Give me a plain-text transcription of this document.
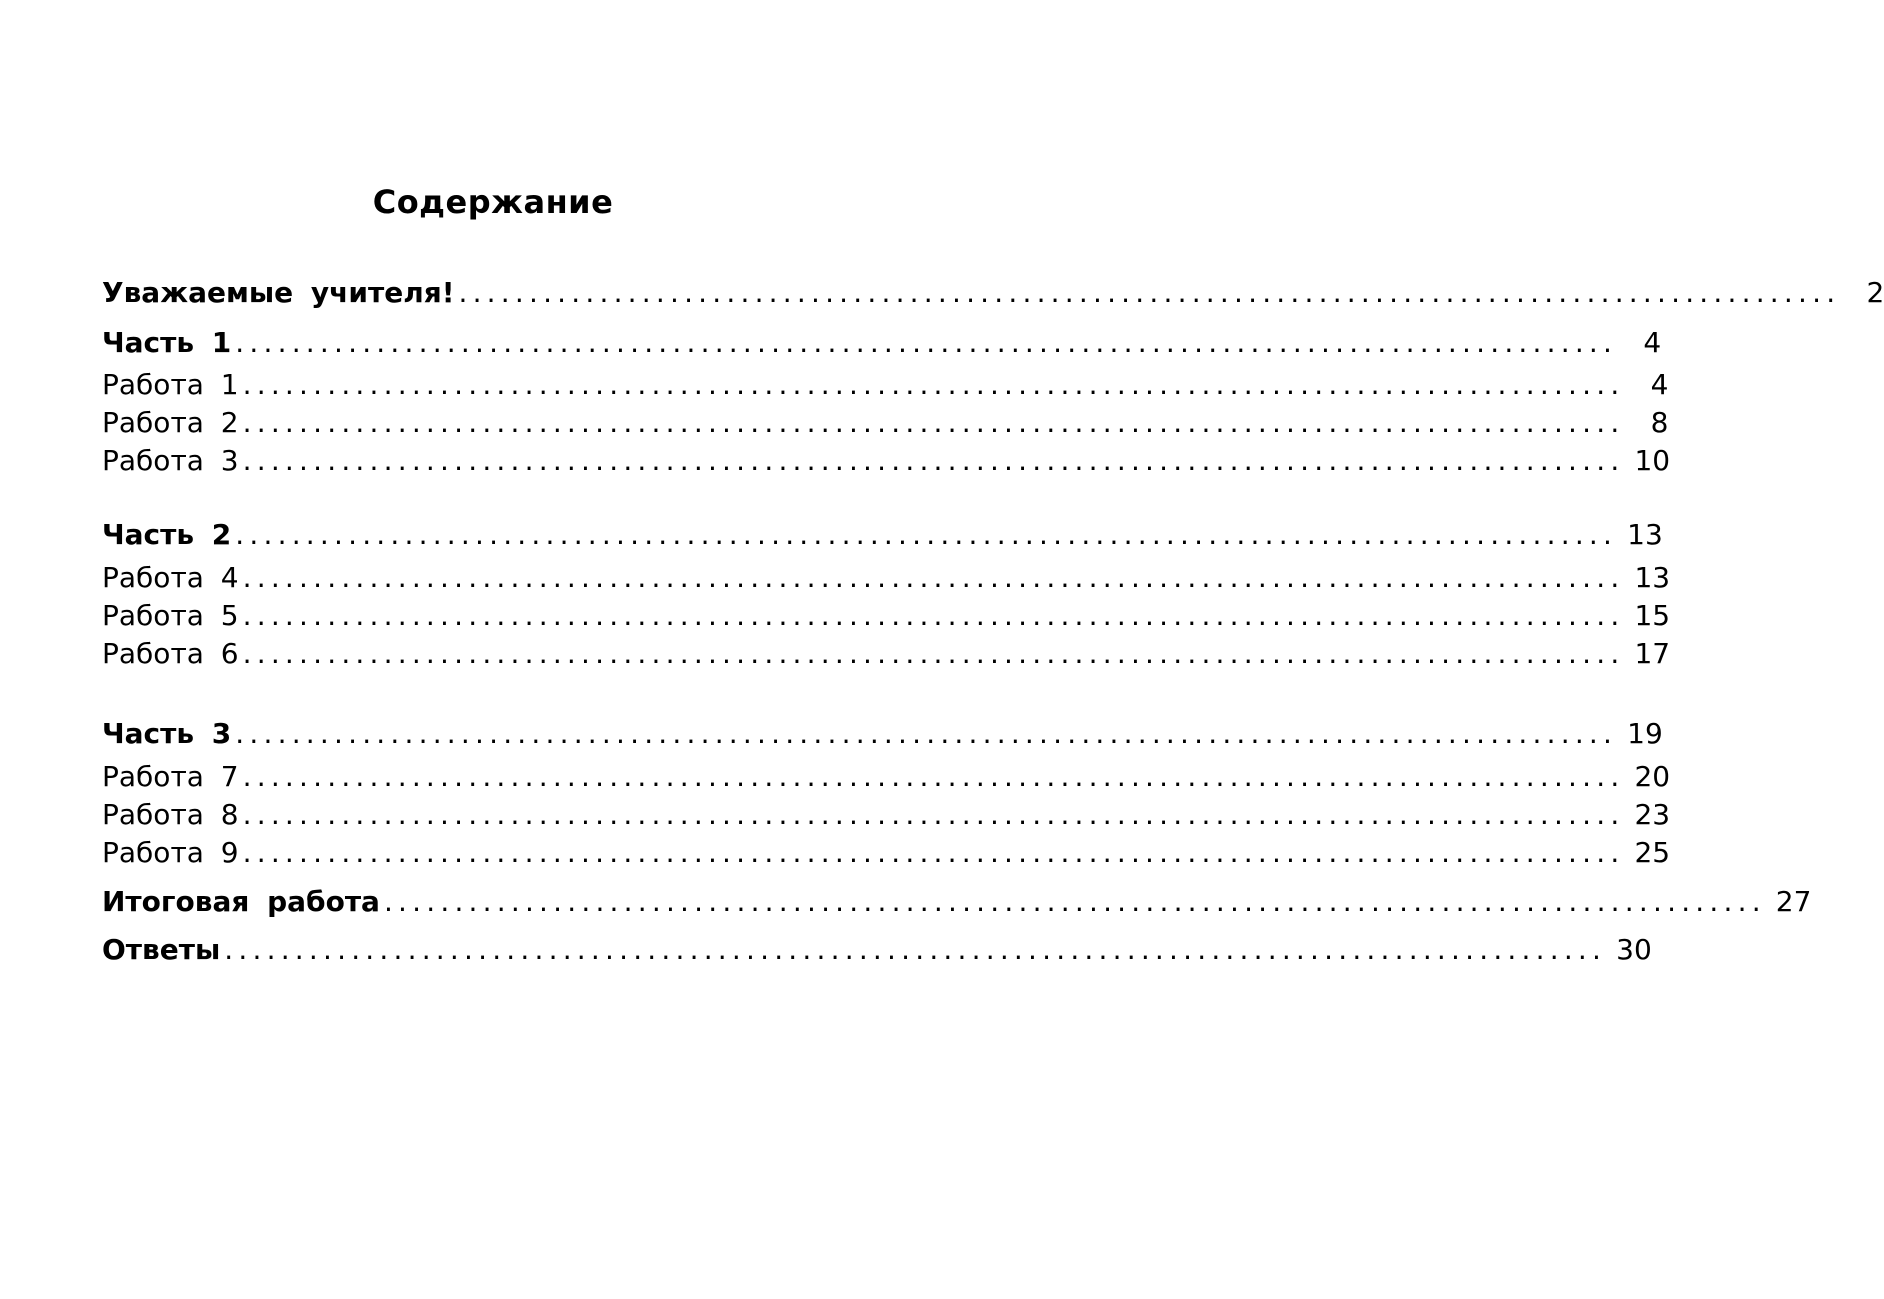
Содержание
Уважаемые учителя! .................................................................................................. 2
Часть 1 .................................................................................................. 4
Работа 1 .................................................................................................. 4
Работа 2 .................................................................................................. 8
Работа 3 .................................................................................................. 10
Часть 2 .................................................................................................. 13
Работа 4 .................................................................................................. 13
Работа 5 .................................................................................................. 15
Работа 6 .................................................................................................. 17
Часть 3 .................................................................................................. 19
Работа 7 .................................................................................................. 20
Работа 8 .................................................................................................. 23
Работа 9 .................................................................................................. 25
Итоговая работа .................................................................................................. 27
Ответы .................................................................................................. 30
